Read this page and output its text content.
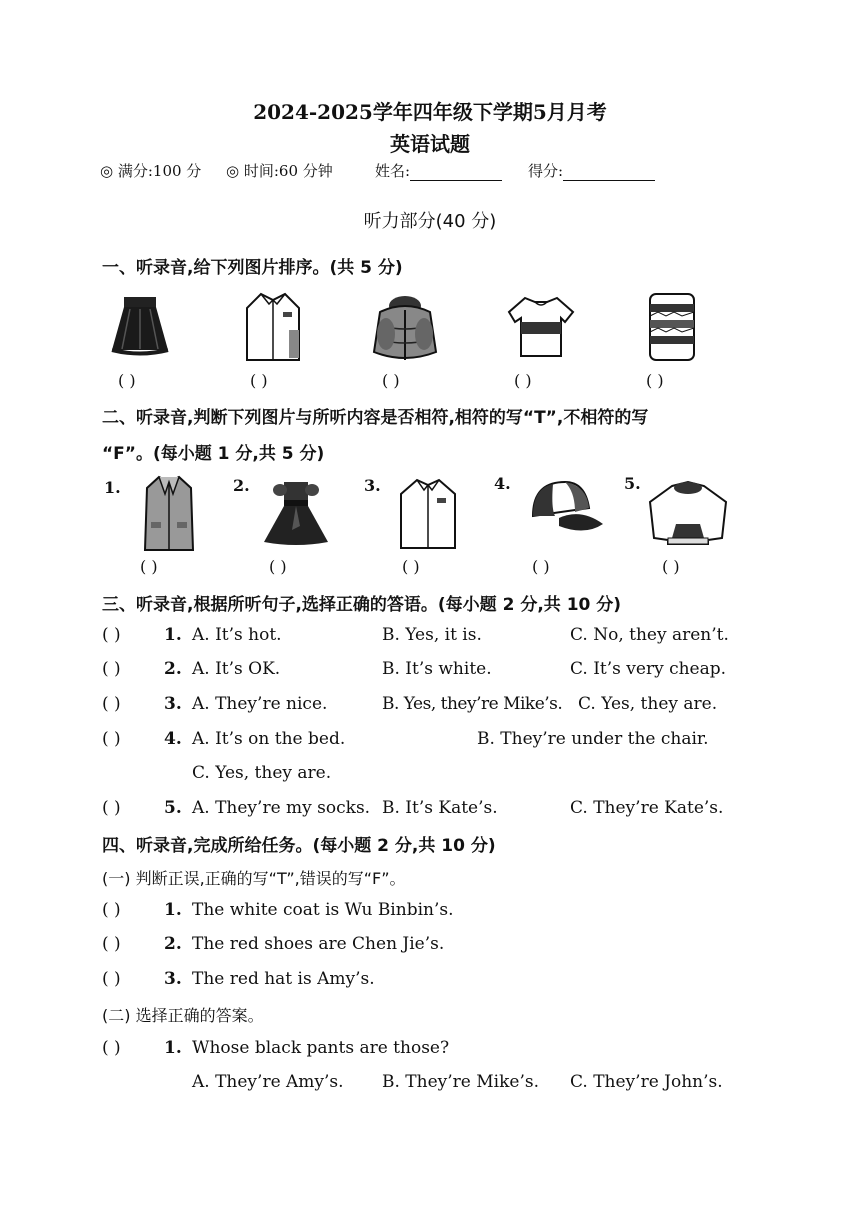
2024-2025学年四年级下学期5月月考
英语试题
◎ 满分:100 分 ◎ 时间:60 分钟	姓名:	得分:
听力部分(40 分)
一、听录音,给下列图片排序。(共 5 分)
( )	( )	( )	( )	( )
二、听录音,判断下列图片与所听内容是否相符,相符的写“T”,不相符的写
“F”。(每小题 1 分,共 5 分)
1.	2.	3.	4.	5.
( )	( )	( )	( )	( )
三、听录音,根据所听句子,选择正确的答语。(每小题 2 分,共 10 分)
( )	1. A. It’s hot.	B. Yes, it is.	C. No, they aren’t.
( )	2. A. It’s OK.	B. It’s white.	C. It’s very cheap.
( )	3. A. They’re nice.	B. Yes, they’re Mike’s. C. Yes, they are.
( )	4. A. It’s on the bed.	B. They’re under the chair.
C. Yes, they are.
( )	5. A. They’re my socks. B. It’s Kate’s.	C. They’re Kate’s.
四、听录音,完成所给任务。(每小题 2 分,共 10 分)
(一) 判断正误,正确的写“T”,错误的写“F”。
( )	1. The white coat is Wu Binbin’s.
( )	2. The red shoes are Chen Jie’s.
( )	3. The red hat is Amy’s.
(二) 选择正确的答案。
( )	1. Whose black pants are those?
A. They’re Amy’s. B. They’re Mike’s. C. They’re John’s.
